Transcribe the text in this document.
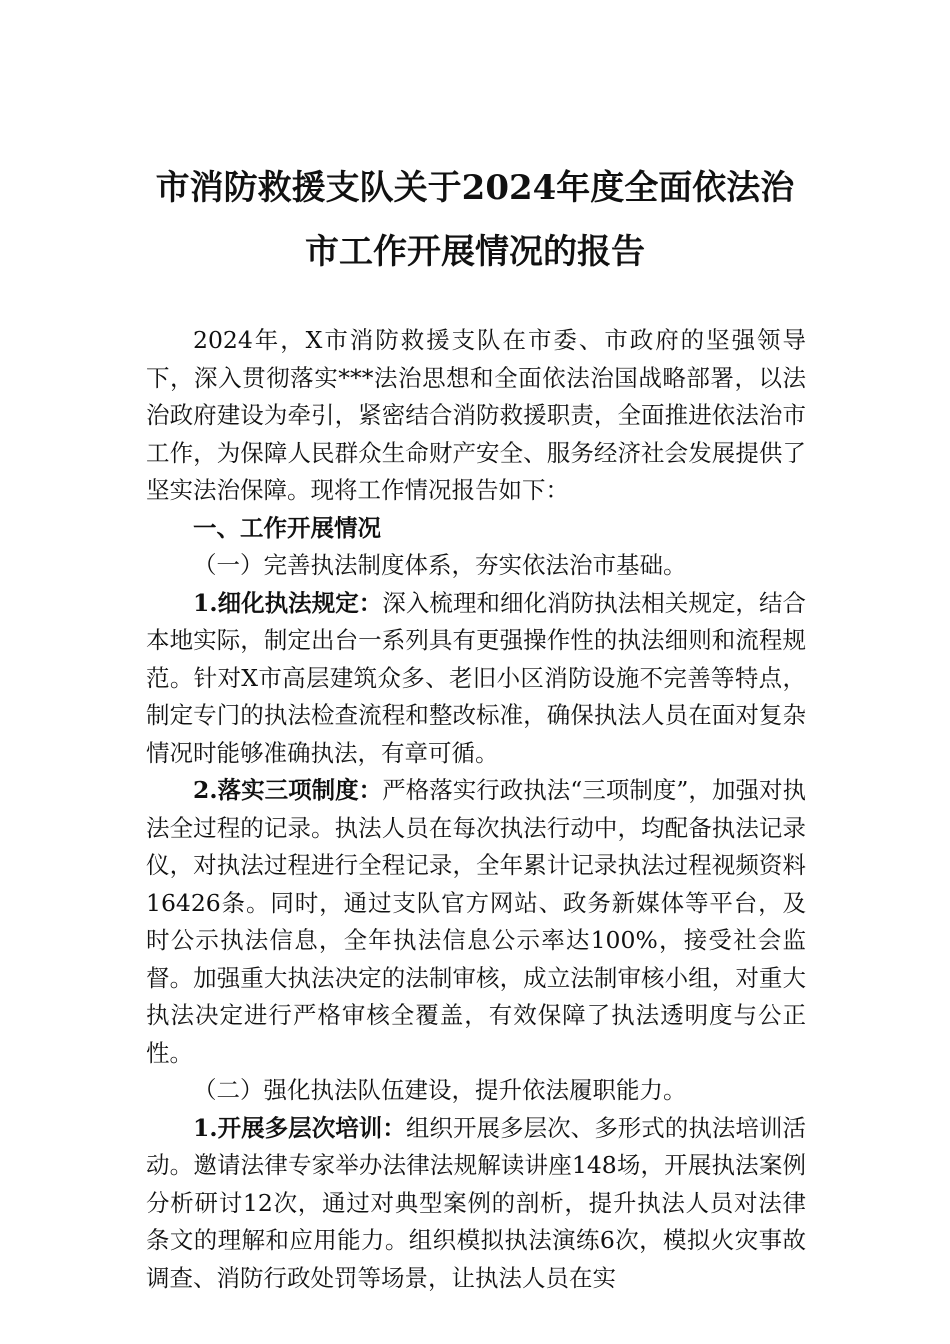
市消防救援支队关于2024年度全面依法治
市工作开展情况的报告

2024年，X市消防救援支队在市委、市政府的坚强领导下，深入贯彻落实***法治思想和全面依法治国战略部署，以法治政府建设为牵引，紧密结合消防救援职责，全面推进依法治市工作，为保障人民群众生命财产安全、服务经济社会发展提供了坚实法治保障。现将工作情况报告如下：

一、工作开展情况

（一）完善执法制度体系，夯实依法治市基础。

1.细化执法规定：深入梳理和细化消防执法相关规定，结合本地实际，制定出台一系列具有更强操作性的执法细则和流程规范。针对X市高层建筑众多、老旧小区消防设施不完善等特点，制定专门的执法检查流程和整改标准，确保执法人员在面对复杂情况时能够准确执法，有章可循。

2.落实三项制度：严格落实行政执法“三项制度”，加强对执法全过程的记录。执法人员在每次执法行动中，均配备执法记录仪，对执法过程进行全程记录，全年累计记录执法过程视频资料16426条。同时，通过支队官方网站、政务新媒体等平台，及时公示执法信息，全年执法信息公示率达100%，接受社会监督。加强重大执法决定的法制审核，成立法制审核小组，对重大执法决定进行严格审核全覆盖，有效保障了执法透明度与公正性。

（二）强化执法队伍建设，提升依法履职能力。

1.开展多层次培训：组织开展多层次、多形式的执法培训活动。邀请法律专家举办法律法规解读讲座148场，开展执法案例分析研讨12次，通过对典型案例的剖析，提升执法人员对法律条文的理解和应用能力。组织模拟执法演练6次，模拟火灾事故调查、消防行政处罚等场景，让执法人员在实
